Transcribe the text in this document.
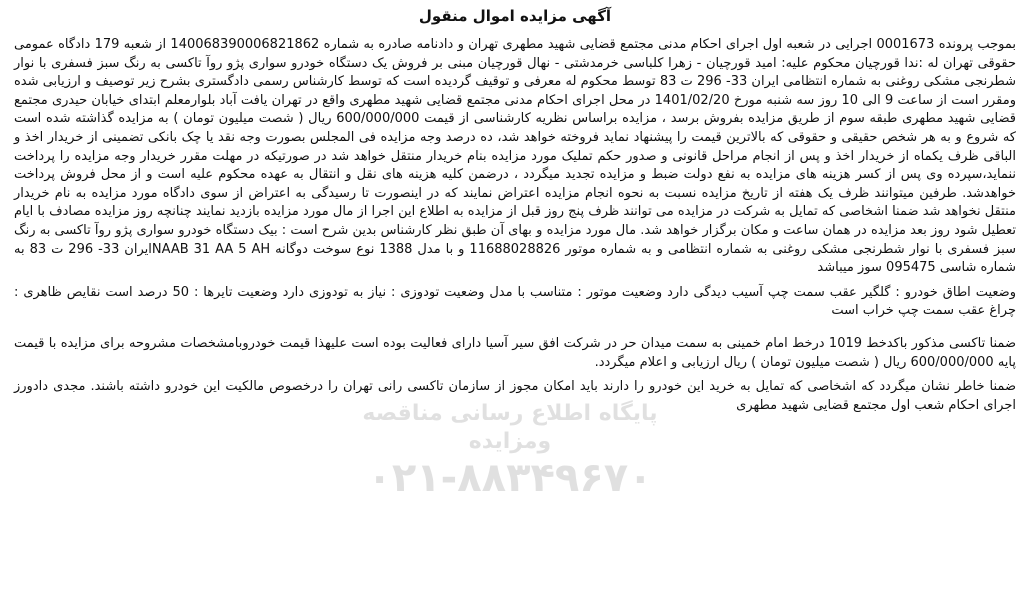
آگهی مزایده اموال منقول

بموجب پرونده 0001673 اجرایی در شعبه اول اجرای احکام مدنی مجتمع قضایی شهید مطهری تهران و دادنامه صادره به شماره 140068390006821862 از شعبه 179 دادگاه عمومی حقوقی تهران له :ندا قورچیان محکوم علیه: امید قورچیان - زهرا کلباسی خرمدشتی - نهال قورچیان مبنی بر فروش یک دستگاه خودرو سواری پژو روآ تاکسی به رنگ سبز فسفری با نوار شطرنجی مشکی روغنی به شماره انتظامی ایران 33- 296 ت 83 توسط محکوم له معرفی و توقیف گردیده است که توسط کارشناس رسمی دادگستری بشرح زیر توصیف و ارزیابی شده ومقرر است از ساعت 9 الی 10 روز سه شنبه مورخ 1401/02/20 در محل اجرای احکام مدنی مجتمع قضایی شهید مطهری واقع در تهران یافت آباد بلوارمعلم ابتدای خیابان حیدری مجتمع قضایی شهید مطهری طبقه سوم از طریق مزایده بفروش برسد ، مزایده براساس نظریه کارشناسی از قیمت 600/000/000 ریال ( شصت میلیون تومان ) به مزایده گذاشته شده است که شروع و به هر شخص حقیقی و حقوقی که بالاترین قیمت را پیشنهاد نماید فروخته خواهد شد، ده درصد وجه مزایده فی المجلس بصورت وجه نقد یا چک بانکی تضمینی از خریدار اخذ و الباقی ظرف یکماه از خریدار اخذ و پس از انجام مراحل قانونی و صدور حکم تملیک مورد مزایده بنام خریدار منتقل خواهد شد در صورتیکه در مهلت مقرر خریدار وجه مزایده را پرداخت ننماید،سپرده وی پس از کسر هزینه های مزایده به نفع دولت ضبط و مزایده تجدید میگردد ، درضمن کلیه هزینه های نقل و انتقال به عهده محکوم علیه است و از محل فروش پرداخت خواهدشد. طرفین میتوانند ظرف یک هفته از تاریخ مزایده نسبت به نحوه انجام مزایده اعتراض نمایند که در اینصورت تا رسیدگی به اعتراض از سوی دادگاه مورد مزایده به نام خریدار منتقل نخواهد شد ضمنا اشخاصی که تمایل به شرکت در مزایده می توانند ظرف پنج روز قبل از مزایده به اطلاع این اجرا از مال مورد مزایده بازدید نمایند چنانچه روز مزایده مصادف با ایام تعطیل شود روز بعد مزایده در همان ساعت و مکان برگزار خواهد شد. مال مورد مزایده و بهای آن طبق نظر کارشناس بدین شرح است : بیک دستگاه خودرو سواری پژو روآ تاکسی به رنگ سبز فسفری با نوار شطرنجی مشکی روغنی به شماره انتظامی و به شماره موتور 11688028826 و با مدل 1388 نوع سوخت دوگانه NAAB 31 AA 5 AHایران 33- 296 ت 83 به شماره شاسی 095475 سوز میباشد

وضعیت اطاق خودرو : گلگیر عقب سمت چپ آسیب دیدگی دارد وضعیت موتور : متناسب با مدل وضعیت تودوزی : نیاز به تودوزی دارد وضعیت تایرها : 50 درصد است نقایص ظاهری : چراغ عقب سمت چپ خراب است

ضمنا تاکسی مذکور باکدخط 1019 درخط امام خمینی به سمت میدان حر در شرکت افق سیر آسیا دارای فعالیت بوده است علیهذا قیمت خودروبامشخصات مشروحه برای مزایده با قیمت پایه 600/000/000 ریال ( شصت میلیون تومان ) ریال ارزیابی و اعلام میگردد.

ضمنا خاطر نشان میگردد که اشخاصی که تمایل به خرید این خودرو را دارند باید امکان مجوز از سازمان تاکسی رانی تهران را درخصوص مالکیت این خودرو داشته باشند. مجدی دادورز اجرای احکام شعب اول مجتمع قضایی شهید مطهری

پایگاه اطلاع رسانی مناقصه ومزایده
۰۲۱-۸۸۳۴۹۶۷۰
